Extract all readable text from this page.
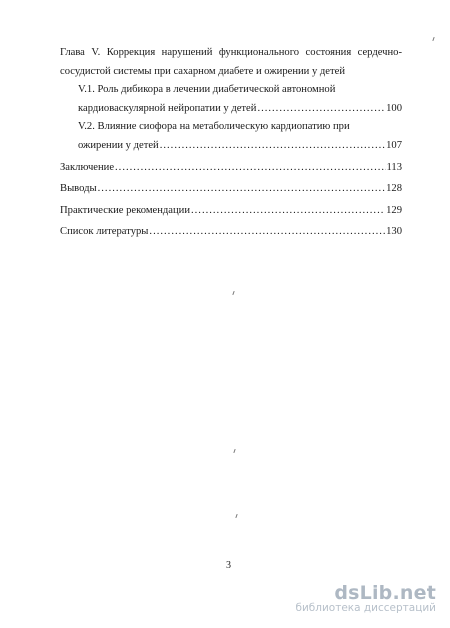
Глава V. Коррекция нарушений функционального состояния сердечно-сосудистой системы при сахарном диабете и ожирении у детей
V.1. Роль дибикора в лечении диабетической автономной
кардиоваскулярной нейропатии у детей .....	100
V.2. Влияние сиофора на метаболическую кардиопатию при
ожирении у детей .....	107
Заключение .....	113
Выводы .....	128
Практические рекомендации .....	129
Список литературы .....	130
3
dsLib.net
библиотека диссертаций
